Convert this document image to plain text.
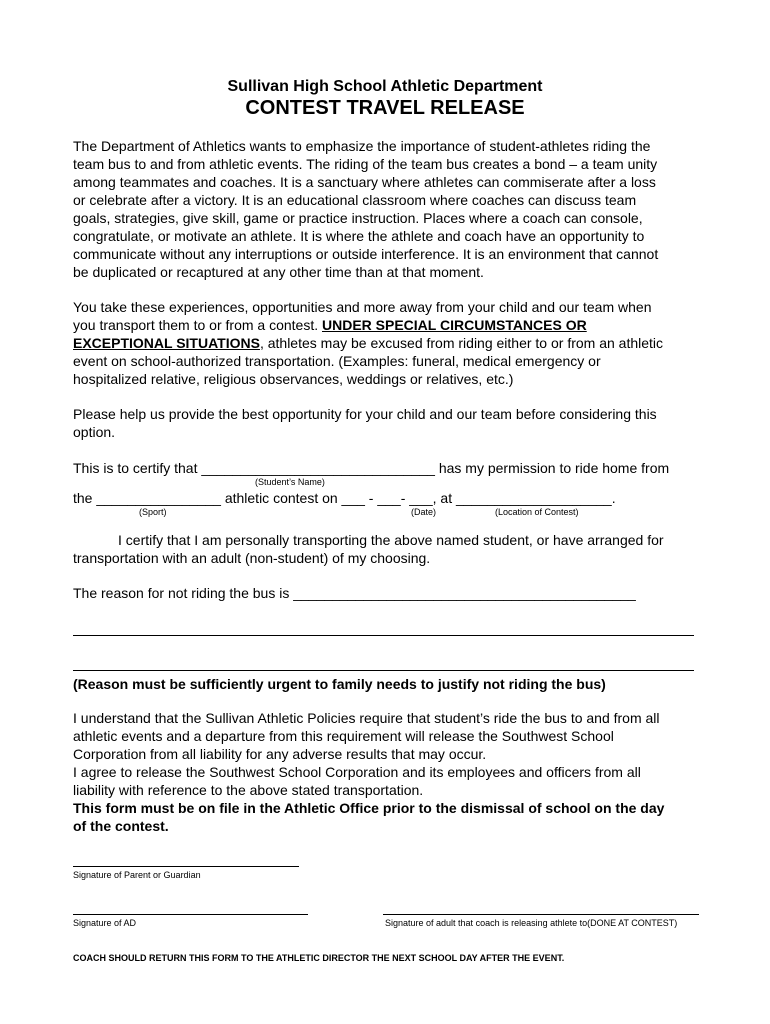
Sullivan High School Athletic Department
CONTEST TRAVEL RELEASE
The Department of Athletics wants to emphasize the importance of student-athletes riding the
team bus to and from athletic events. The riding of the team bus creates a bond – a team unity
among teammates and coaches. It is a sanctuary where athletes can commiserate after a loss
or celebrate after a victory. It is an educational classroom where coaches can discuss team
goals, strategies, give skill, game or practice instruction. Places where a coach can console,
congratulate, or motivate an athlete. It is where the athlete and coach have an opportunity to
communicate without any interruptions or outside interference. It is an environment that cannot
be duplicated or recaptured at any other time than at that moment.
You take these experiences, opportunities and more away from your child and our team when
you transport them to or from a contest. UNDER SPECIAL CIRCUMSTANCES OR
EXCEPTIONAL SITUATIONS, athletes may be excused from riding either to or from an athletic
event on school-authorized transportation. (Examples: funeral, medical emergency or
hospitalized relative, religious observances, weddings or relatives, etc.)
Please help us provide the best opportunity for your child and our team before considering this
option.
This is to certify that ______________________________ has my permission to ride home from
(Student’s Name)
the ________________ athletic contest on ___ - ___- ___, at ____________________.
(Sport)	(Date)	(Location of Contest)
I certify that I am personally transporting the above named student, or have arranged for
transportation with an adult (non-student) of my choosing.
The reason for not riding the bus is ____________________________________________
(Reason must be sufficiently urgent to family needs to justify not riding the bus)
I understand that the Sullivan Athletic Policies require that student’s ride the bus to and from all
athletic events and a departure from this requirement will release the Southwest School
Corporation from all liability for any adverse results that may occur.
I agree to release the Southwest School Corporation and its employees and officers from all
liability with reference to the above stated transportation.
This form must be on file in the Athletic Office prior to the dismissal of school on the day
of the contest.
Signature of Parent or Guardian
Signature of AD	Signature of adult that coach is releasing athlete to(DONE AT CONTEST)
COACH SHOULD RETURN THIS FORM TO THE ATHLETIC DIRECTOR THE NEXT SCHOOL DAY AFTER THE EVENT.
